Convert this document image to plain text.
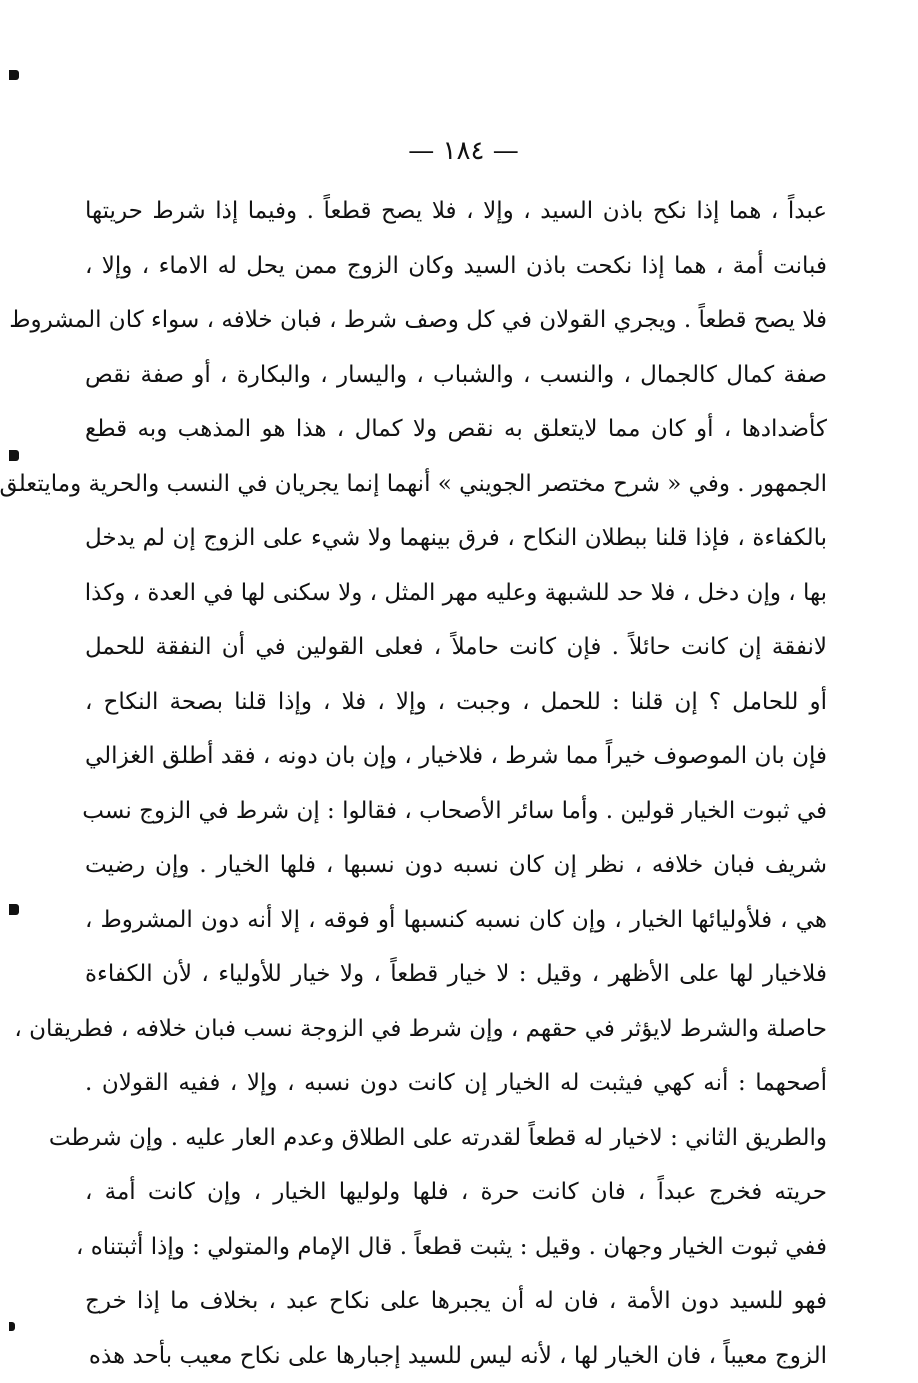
— ١٨٤ —
عبداً ، هما إذا نكح باذن السيد ، وإلا ، فلا يصح قطعاً . وفيما إذا شرط حريتها
فبانت أمة ، هما إذا نكحت باذن السيد وكان الزوج ممن يحل له الاماء ، وإلا ،
فلا يصح قطعاً . ويجري القولان في كل وصف شرط ، فبان خلافه ، سواء كان المشروط
صفة كمال كالجمال ، والنسب ، والشباب ، واليسار ، والبكارة ، أو صفة نقص
كأضدادها ، أو كان مما لايتعلق به نقص ولا كمال ، هذا هو المذهب وبه قطع
الجمهور . وفي « شرح مختصر الجويني » أنهما إنما يجريان في النسب والحرية ومايتعلق
بالكفاءة ، فإذا قلنا ببطلان النكاح ، فرق بينهما ولا شيء على الزوج إن لم يدخل
بها ، وإن دخل ، فلا حد للشبهة وعليه مهر المثل ، ولا سكنى لها في العدة ، وكذا
لانفقة إن كانت حائلاً . فإن كانت حاملاً ، فعلى القولين في أن النفقة للحمل
أو للحامل ؟ إن قلنا : للحمل ، وجبت ، وإلا ، فلا ، وإذا قلنا بصحة النكاح ،
فإن بان الموصوف خيراً مما شرط ، فلاخيار ، وإن بان دونه ، فقد أطلق الغزالي
في ثبوت الخيار قولين . وأما سائر الأصحاب ، فقالوا : إن شرط في الزوج نسب
شريف فبان خلافه ، نظر إن كان نسبه دون نسبها ، فلها الخيار . وإن رضيت
هي ، فلأوليائها الخيار ، وإن كان نسبه كنسبها أو فوقه ، إلا أنه دون المشروط ،
فلاخيار لها على الأظهر ، وقيل : لا خيار قطعاً ، ولا خيار للأولياء ، لأن الكفاءة
حاصلة والشرط لايؤثر في حقهم ، وإن شرط في الزوجة نسب فبان خلافه ، فطريقان ،
أصحهما : أنه كهي فيثبت له الخيار إن كانت دون نسبه ، وإلا ، ففيه القولان .
والطريق الثاني : لاخيار له قطعاً لقدرته على الطلاق وعدم العار عليه . وإن شرطت
حريته فخرج عبداً ، فان كانت حرة ، فلها ولوليها الخيار ، وإن كانت أمة ،
ففي ثبوت الخيار وجهان . وقيل : يثبت قطعاً . قال الإمام والمتولي : وإذا أثبتناه ،
فهو للسيد دون الأمة ، فان له أن يجبرها على نكاح عبد ، بخلاف ما إذا خرج
الزوج معيباً ، فان الخيار لها ، لأنه ليس للسيد إجبارها على نكاح معيب بأحد هذه
